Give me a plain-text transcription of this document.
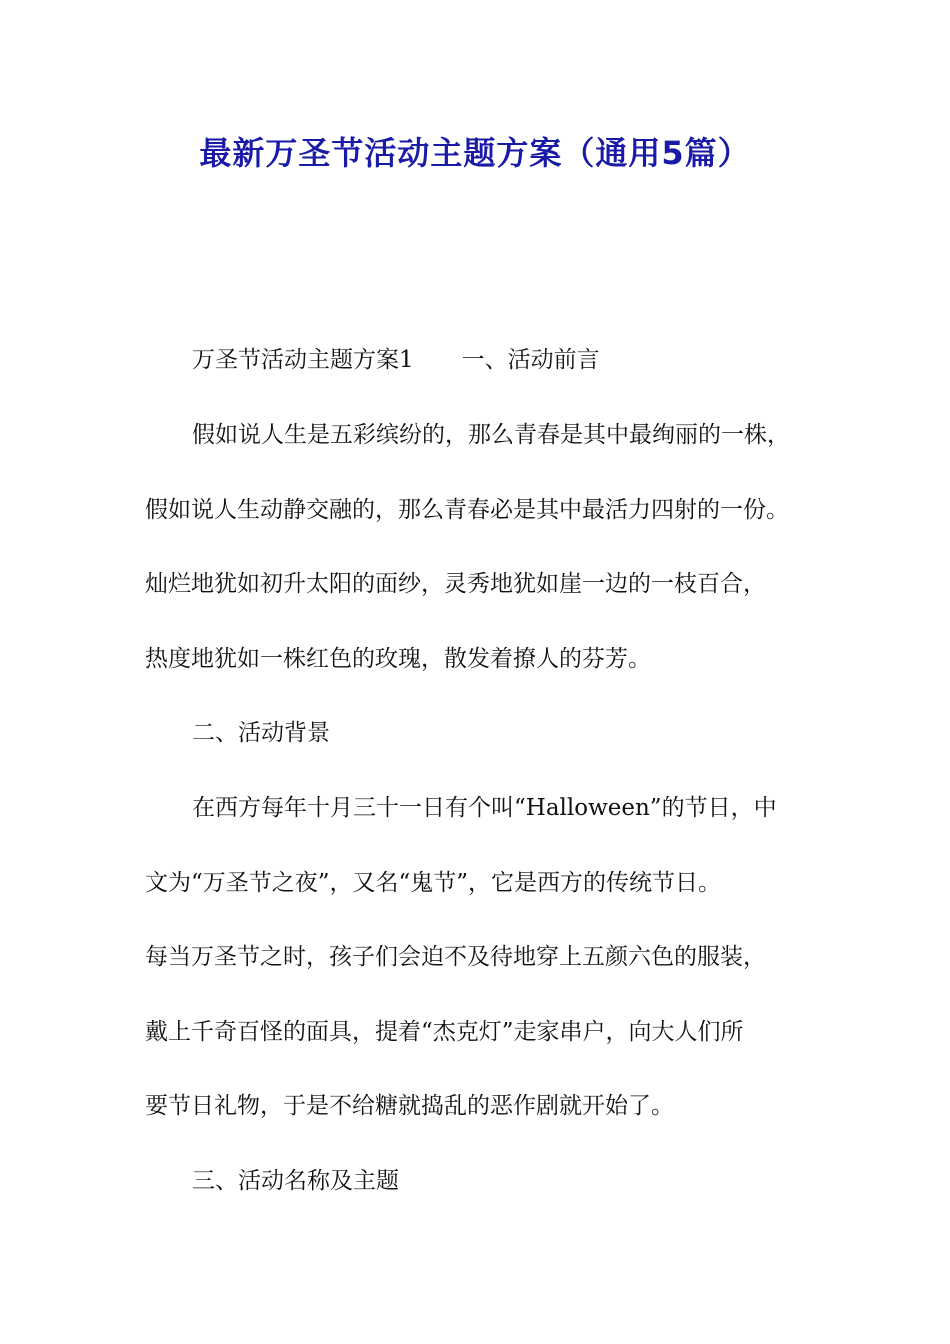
最新万圣节活动主题方案（通用5篇）
万圣节活动主题方案1 一、活动前言
假如说人生是五彩缤纷的，那么青春是其中最绚丽的一株，
假如说人生动静交融的，那么青春必是其中最活力四射的一份。
灿烂地犹如初升太阳的面纱，灵秀地犹如崖一边的一枝百合，
热度地犹如一株红色的玫瑰，散发着撩人的芬芳。
二、活动背景
在西方每年十月三十一日有个叫“Halloween”的节日，中
文为“万圣节之夜”，又名“鬼节”，它是西方的传统节日。
每当万圣节之时，孩子们会迫不及待地穿上五颜六色的服装，
戴上千奇百怪的面具，提着“杰克灯”走家串户，向大人们所
要节日礼物，于是不给糖就捣乱的恶作剧就开始了。
三、活动名称及主题
